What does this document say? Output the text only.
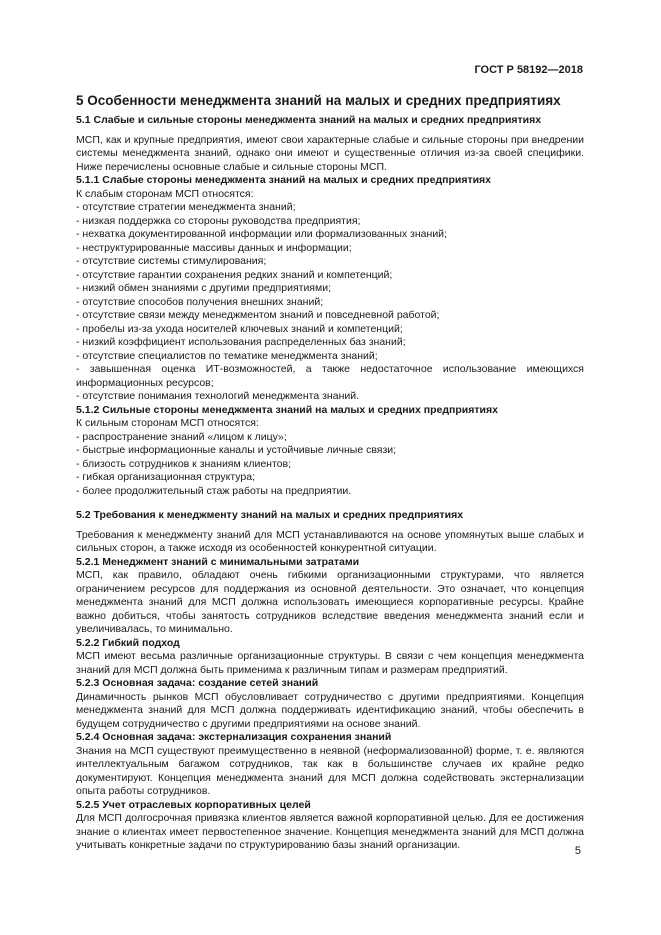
ГОСТ Р 58192—2018

5 Особенности менеджмента знаний на малых и средних предприятиях

5.1 Слабые и сильные стороны менеджмента знаний на малых и средних предприятиях

МСП, как и крупные предприятия, имеют свои характерные слабые и сильные стороны при внедрении системы менеджмента знаний, однако они имеют и существенные отличия из-за своей специфики. Ниже перечислены основные слабые и сильные стороны МСП.

5.1.1 Слабые стороны менеджмента знаний на малых и средних предприятиях

К слабым сторонам МСП относятся:

- отсутствие стратегии менеджмента знаний;
- низкая поддержка со стороны руководства предприятия;
- нехватка документированной информации или формализованных знаний;
- неструктурированные массивы данных и информации;
- отсутствие системы стимулирования;
- отсутствие гарантии сохранения редких знаний и компетенций;
- низкий обмен знаниями с другими предприятиями;
- отсутствие способов получения внешних знаний;
- отсутствие связи между менеджментом знаний и повседневной работой;
- пробелы из-за ухода носителей ключевых знаний и компетенций;
- низкий коэффициент использования распределенных баз знаний;
- отсутствие специалистов по тематике менеджмента знаний;
- завышенная оценка ИТ-возможностей, а также недостаточное использование имеющихся информационных ресурсов;
- отсутствие понимания технологий менеджмента знаний.

5.1.2 Сильные стороны менеджмента знаний на малых и средних предприятиях

К сильным сторонам МСП относятся:

- распространение знаний «лицом к лицу»;
- быстрые информационные каналы и устойчивые личные связи;
- близость сотрудников к знаниям клиентов;
- гибкая организационная структура;
- более продолжительный стаж работы на предприятии.

5.2 Требования к менеджменту знаний на малых и средних предприятиях

Требования к менеджменту знаний для МСП устанавливаются на основе упомянутых выше слабых и сильных сторон, а также исходя из особенностей конкурентной ситуации.

5.2.1 Менеджмент знаний с минимальными затратами

МСП, как правило, обладают очень гибкими организационными структурами, что является ограничением ресурсов для поддержания из основной деятельности. Это означает, что концепция менеджмента знаний для МСП должна использовать имеющиеся корпоративные ресурсы. Крайне важно добиться, чтобы занятость сотрудников вследствие введения менеджмента знаний если и увеличивалась, то минимально.

5.2.2 Гибкий подход

МСП имеют весьма различные организационные структуры. В связи с чем концепция менеджмента знаний для МСП должна быть применима к различным типам и размерам предприятий.

5.2.3 Основная задача: создание сетей знаний

Динамичность рынков МСП обусловливает сотрудничество с другими предприятиями. Концепция менеджмента знаний для МСП должна поддерживать идентификацию знаний, чтобы обеспечить в будущем сотрудничество с другими предприятиями на основе знаний.

5.2.4 Основная задача: экстернализация сохранения знаний

Знания на МСП существуют преимущественно в неявной (неформализованной) форме, т. е. являются интеллектуальным багажом сотрудников, так как в большинстве случаев их крайне редко документируют. Концепция менеджмента знаний для МСП должна содействовать экстернализации опыта работы сотрудников.

5.2.5 Учет отраслевых корпоративных целей

Для МСП долгосрочная привязка клиентов является важной корпоративной целью. Для ее достижения знание о клиентах имеет первостепенное значение. Концепция менеджмента знаний для МСП должна учитывать конкретные задачи по структурированию базы знаний организации.	5
